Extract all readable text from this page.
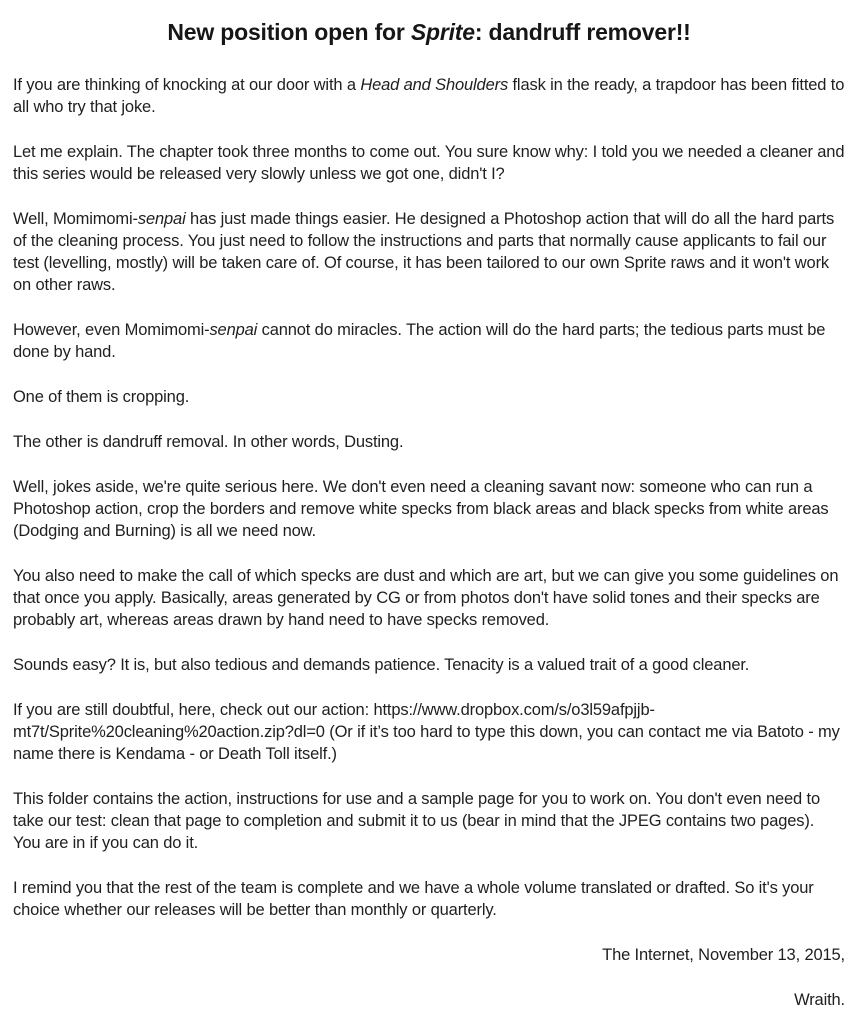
New position open for Sprite: dandruff remover!!

If you are thinking of knocking at our door with a Head and Shoulders flask in the ready, a trapdoor has been fitted to all who try that joke.

Let me explain. The chapter took three months to come out. You sure know why: I told you we needed a cleaner and this series would be released very slowly unless we got one, didn't I?

Well, Momimomi-senpai has just made things easier. He designed a Photoshop action that will do all the hard parts of the cleaning process. You just need to follow the instructions and parts that normally cause applicants to fail our test (levelling, mostly) will be taken care of. Of course, it has been tailored to our own Sprite raws and it won't work on other raws.

However, even Momimomi-senpai cannot do miracles. The action will do the hard parts; the tedious parts must be done by hand.

One of them is cropping.

The other is dandruff removal. In other words, Dusting.

Well, jokes aside, we're quite serious here. We don't even need a cleaning savant now: someone who can run a Photoshop action, crop the borders and remove white specks from black areas and black specks from white areas (Dodging and Burning) is all we need now.

You also need to make the call of which specks are dust and which are art, but we can give you some guidelines on that once you apply. Basically, areas generated by CG or from photos don't have solid tones and their specks are probably art, whereas areas drawn by hand need to have specks removed.

Sounds easy? It is, but also tedious and demands patience. Tenacity is a valued trait of a good cleaner.

If you are still doubtful, here, check out our action: https://www.dropbox.com/s/o3l59afpjjb-mt7t/Sprite%20cleaning%20action.zip?dl=0 (Or if it’s too hard to type this down, you can contact me via Batoto - my name there is Kendama - or Death Toll itself.)

This folder contains the action, instructions for use and a sample page for you to work on. You don't even need to take our test: clean that page to completion and submit it to us (bear in mind that the JPEG contains two pages). You are in if you can do it.

I remind you that the rest of the team is complete and we have a whole volume translated or drafted. So it's your choice whether our releases will be better than monthly or quarterly.

The Internet, November 13, 2015,

Wraith.
